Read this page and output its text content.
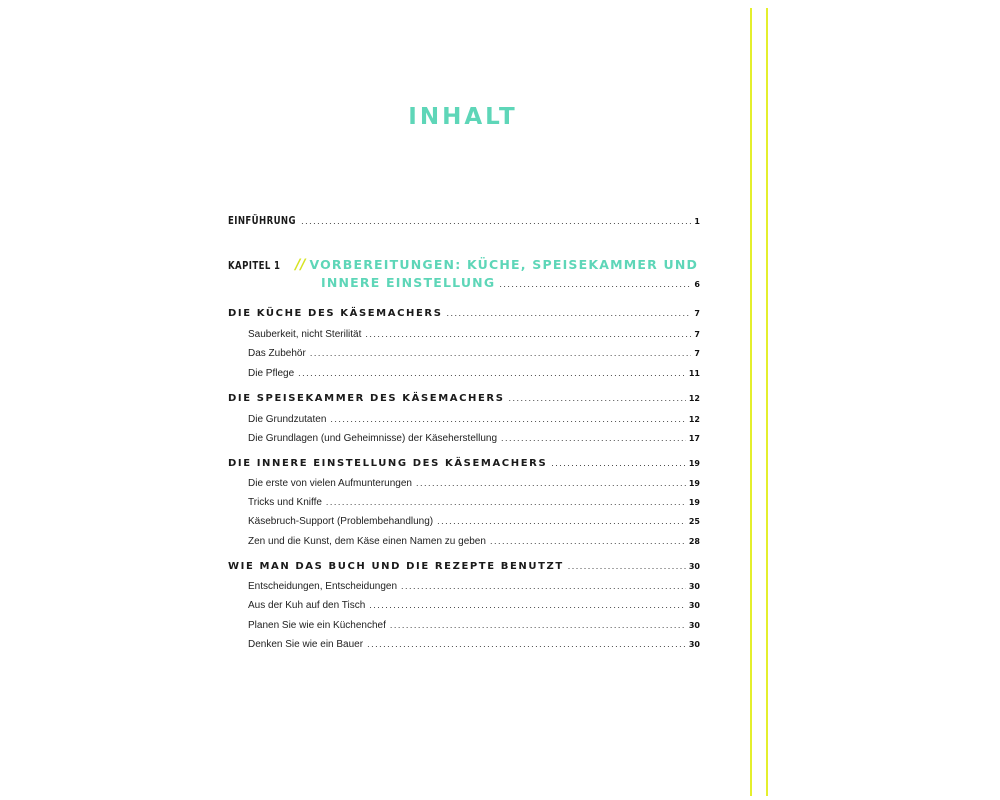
INHALT
EINFÜHRUNG .....	1
KAPITEL 1 // VORBEREITUNGEN: KÜCHE, SPEISEKAMMER UND
INNERE EINSTELLUNG .....	6
DIE KÜCHE DES KÄSEMACHERS .....	7
Sauberkeit, nicht Sterilität .....	7
Das Zubehör .....	7
Die Pflege .....	11
DIE SPEISEKAMMER DES KÄSEMACHERS .....	12
Die Grundzutaten .....	12
Die Grundlagen (und Geheimnisse) der Käseherstellung .....	17
DIE INNERE EINSTELLUNG DES KÄSEMACHERS .....	19
Die erste von vielen Aufmunterungen .....	19
Tricks und Kniffe .....	19
Käsebruch-Support (Problembehandlung) .....	25
Zen und die Kunst, dem Käse einen Namen zu geben .....	28
WIE MAN DAS BUCH UND DIE REZEPTE BENUTZT .....	30
Entscheidungen, Entscheidungen .....	30
Aus der Kuh auf den Tisch .....	30
Planen Sie wie ein Küchenchef .....	30
Denken Sie wie ein Bauer .....	30
